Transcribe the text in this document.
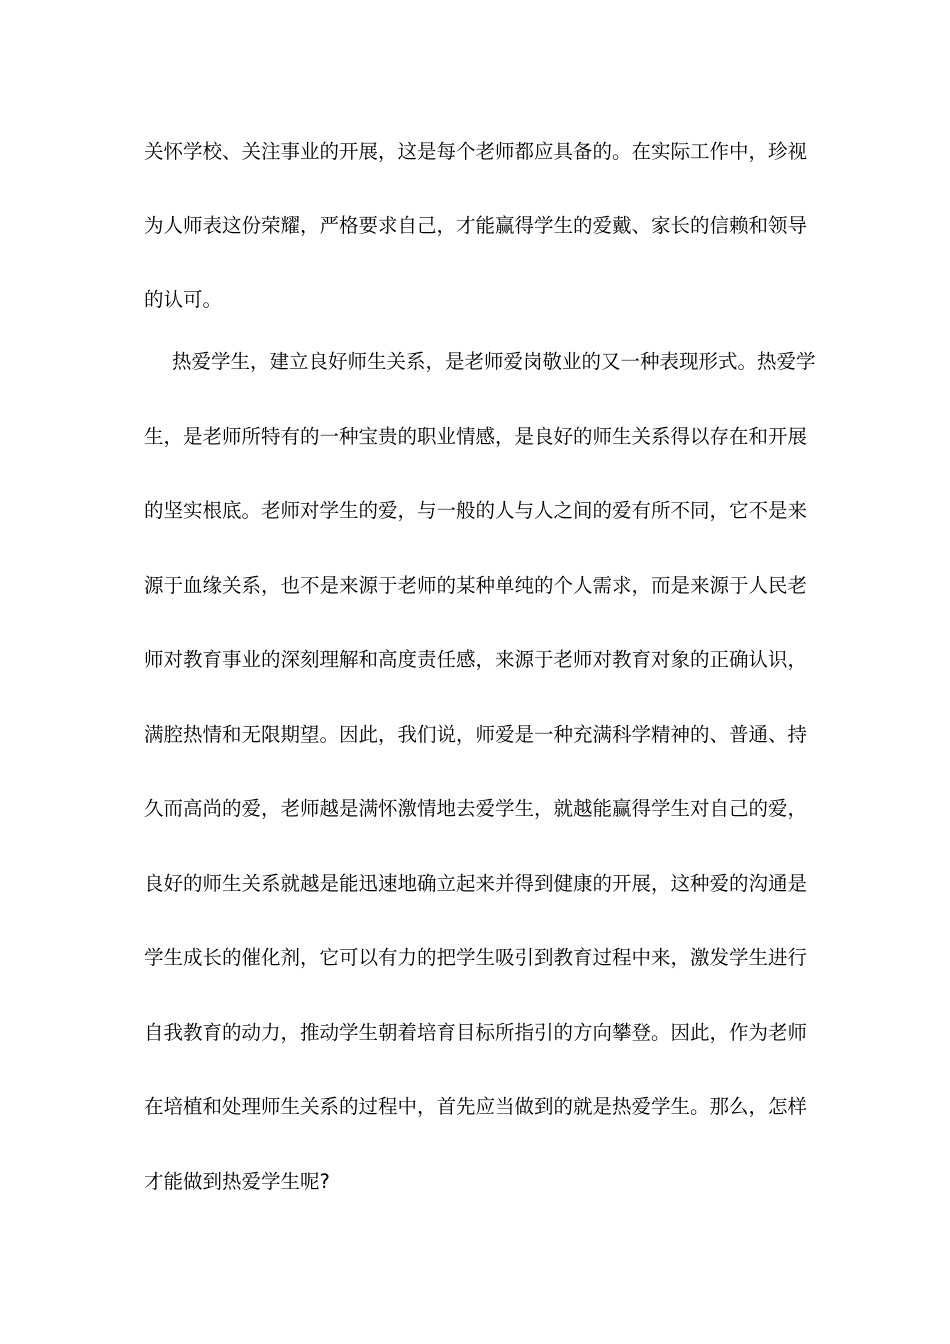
关怀学校、关注事业的开展，这是每个老师都应具备的。在实际工作中，珍视
为人师表这份荣耀，严格要求自己，才能赢得学生的爱戴、家长的信赖和领导
的认可。
热爱学生，建立良好师生关系，是老师爱岗敬业的又一种表现形式。热爱学
生，是老师所特有的一种宝贵的职业情感，是良好的师生关系得以存在和开展
的坚实根底。老师对学生的爱，与一般的人与人之间的爱有所不同，它不是来
源于血缘关系，也不是来源于老师的某种单纯的个人需求，而是来源于人民老
师对教育事业的深刻理解和高度责任感，来源于老师对教育对象的正确认识，
满腔热情和无限期望。因此，我们说，师爱是一种充满科学精神的、普通、持
久而高尚的爱，老师越是满怀激情地去爱学生，就越能赢得学生对自己的爱，
良好的师生关系就越是能迅速地确立起来并得到健康的开展，这种爱的沟通是
学生成长的催化剂，它可以有力的把学生吸引到教育过程中来，激发学生进行
自我教育的动力，推动学生朝着培育目标所指引的方向攀登。因此，作为老师
在培植和处理师生关系的过程中，首先应当做到的就是热爱学生。那么，怎样
才能做到热爱学生呢?
